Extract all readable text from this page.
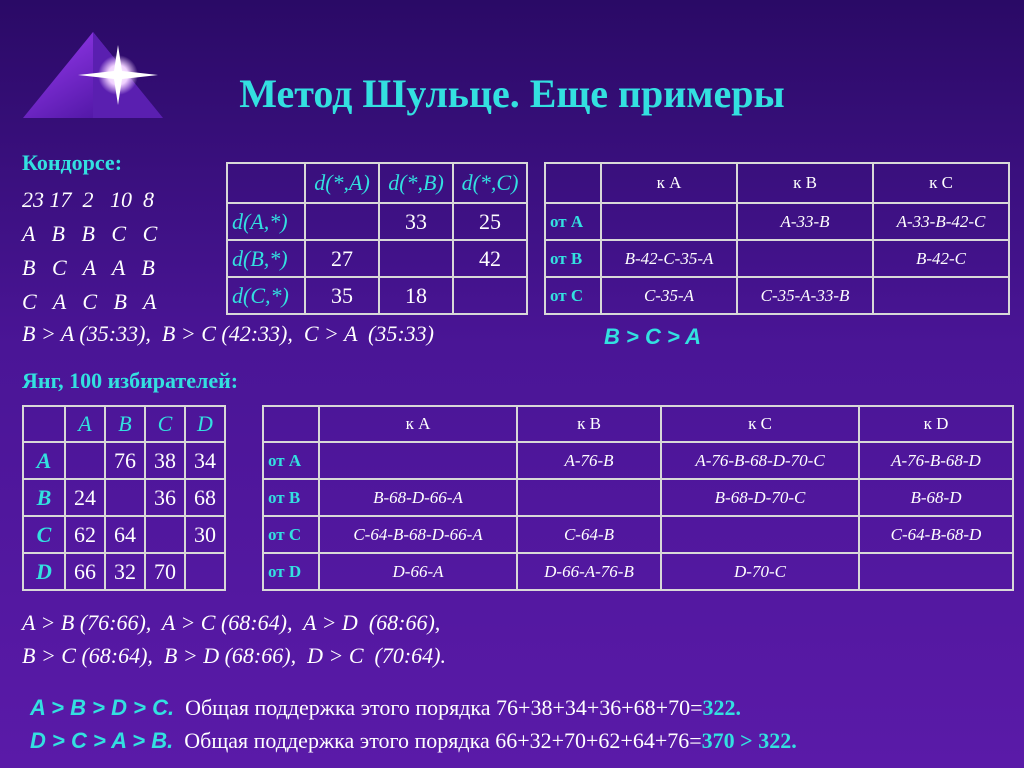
Метод Шульце. Еще примеры
Кондорсе:
23 17  2   10  8
A   B   B   C   C
B   C   A   A   B
C   A   C   B   A
B > A (35:33),  B > C (42:33),  C > A  (35:33)	B > C > A
	d(*,A)	d(*,B)	d(*,C)
d(A,*)		33	25
d(B,*)	27		42
d(C,*)	35	18	
	к A	к B	к C
от A		A-33-B	A-33-B-42-C
от B	B-42-C-35-A		B-42-C
от C	C-35-A	C-35-A-33-B	
Янг, 100 избирателей:
	A	B	C	D
A		76	38	34
B	24		36	68
C	62	64		30
D	66	32	70	
	к A	к B	к C	к D
от A		A-76-B	A-76-B-68-D-70-C	A-76-B-68-D
от B	B-68-D-66-A		B-68-D-70-C	B-68-D
от C	C-64-B-68-D-66-A	C-64-B		C-64-B-68-D
от D	D-66-A	D-66-A-76-B	D-70-C	
A > B (76:66),  A > C (68:64),  A > D  (68:66),
B > C (68:64),  B > D (68:66),  D > C  (70:64).

A > B > D > C.  Общая поддержка этого порядка 76+38+34+36+68+70=322.

D > C > A > B.  Общая поддержка этого порядка 66+32+70+62+64+76=370 > 322.
